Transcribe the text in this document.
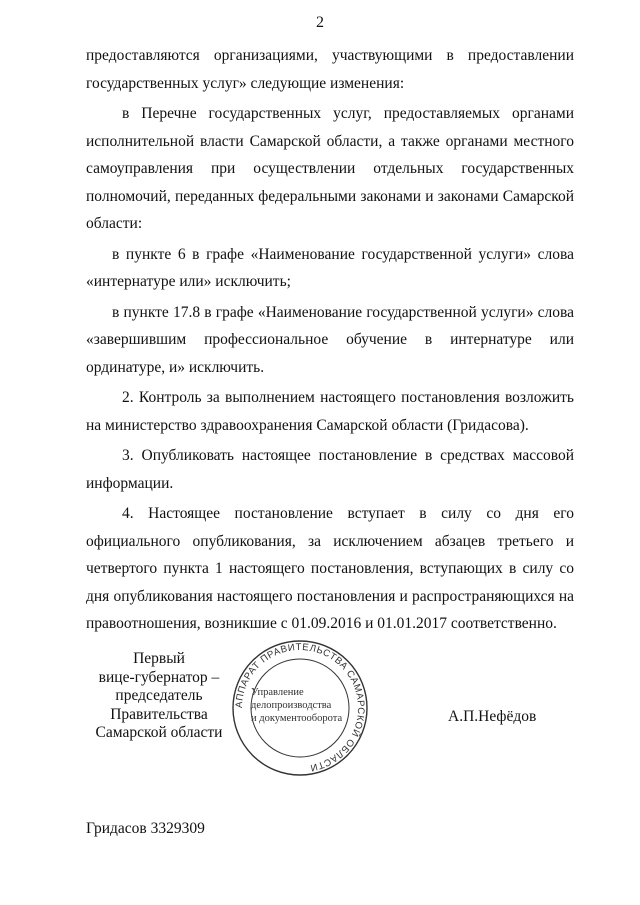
2

предоставляются организациями, участвующими в предоставлении государственных услуг» следующие изменения:

в Перечне государственных услуг, предоставляемых органами исполнительной власти Самарской области, а также органами местного самоуправления при осуществлении отдельных государственных полномочий, переданных федеральными законами и законами Самарской области:

в пункте 6 в графе «Наименование государственной услуги» слова «интернатуре или» исключить;

в пункте 17.8 в графе «Наименование государственной услуги» слова «завершившим профессиональное обучение в интернатуре или ординатуре, и» исключить.

2. Контроль за выполнением настоящего постановления возложить на министерство здравоохранения Самарской области (Гридасова).

3. Опубликовать настоящее постановление в средствах массовой информации.

4. Настоящее постановление вступает в силу со дня его официального опубликования, за исключением абзацев третьего и четвертого пункта 1 настоящего постановления, вступающих в силу со дня опубликования настоящего постановления и распространяющихся на правоотношения, возникшие с 01.09.2016 и 01.01.2017 соответственно.

Первый
вице-губернатор –
председатель Правительства
Самарской области
АППАРАТ ПРАВИТЕЛЬСТВА САМАРСКОЙ ОБЛАСТИ
Управление
делопроизводства
и документооборота	А.П.Нефёдов
Гридасов 3329309
